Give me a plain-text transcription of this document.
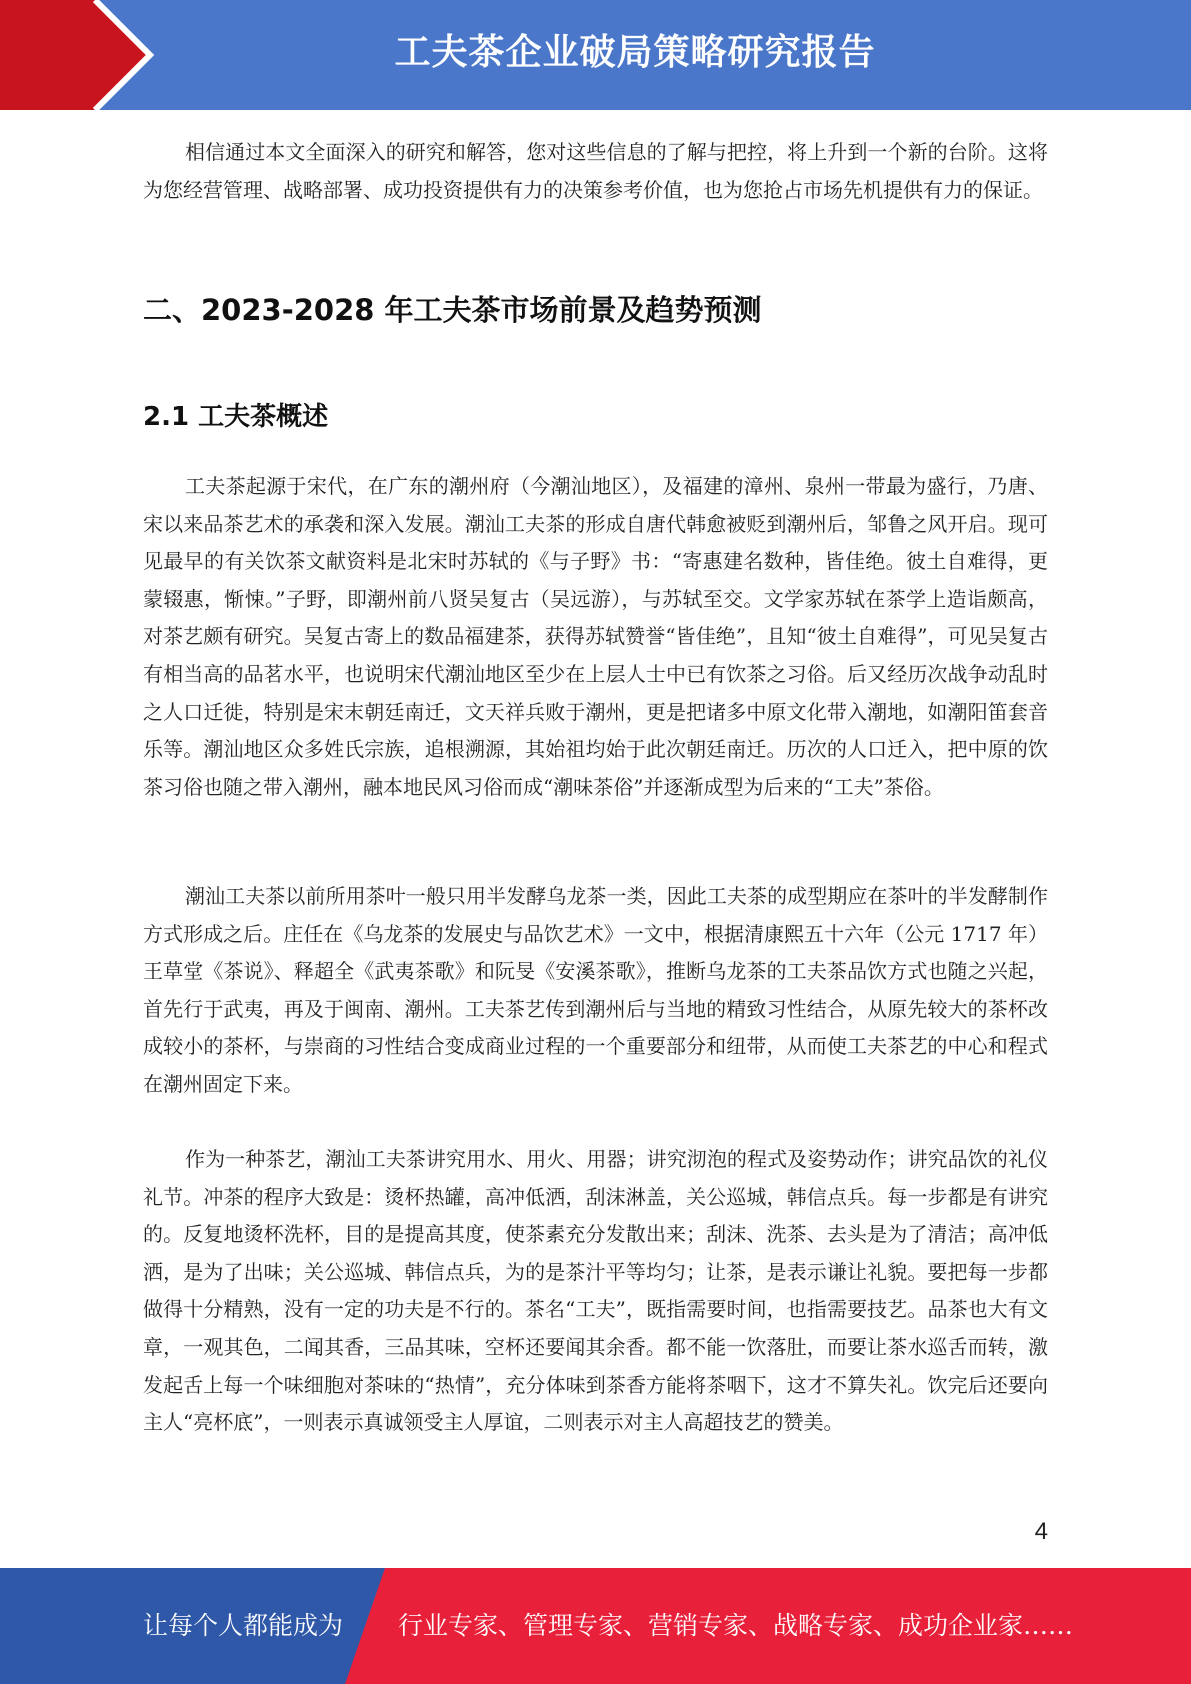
工夫茶企业破局策略研究报告

相信通过本文全面深入的研究和解答，您对这些信息的了解与把控，将上升到一个新的台阶。这将为您经营管理、战略部署、成功投资提供有力的决策参考价值，也为您抢占市场先机提供有力的保证。

二、2023-2028 年工夫茶市场前景及趋势预测
2.1 工夫茶概述

工夫茶起源于宋代，在广东的潮州府（今潮汕地区），及福建的漳州、泉州一带最为盛行，乃唐、宋以来品茶艺术的承袭和深入发展。潮汕工夫茶的形成自唐代韩愈被贬到潮州后，邹鲁之风开启。现可见最早的有关饮茶文献资料是北宋时苏轼的《与子野》书：“寄惠建名数种，皆佳绝。彼土自难得，更蒙辍惠，惭悚。”子野，即潮州前八贤吴复古（吴远游），与苏轼至交。文学家苏轼在茶学上造诣颇高，对茶艺颇有研究。吴复古寄上的数品福建茶，获得苏轼赞誉“皆佳绝”，且知“彼土自难得”，可见吴复古有相当高的品茗水平，也说明宋代潮汕地区至少在上层人士中已有饮茶之习俗。后又经历次战争动乱时之人口迁徙，特别是宋末朝廷南迁，文天祥兵败于潮州，更是把诸多中原文化带入潮地，如潮阳笛套音乐等。潮汕地区众多姓氏宗族，追根溯源，其始祖均始于此次朝廷南迁。历次的人口迁入，把中原的饮茶习俗也随之带入潮州，融本地民风习俗而成“潮味茶俗”并逐渐成型为后来的“工夫”茶俗。

潮汕工夫茶以前所用茶叶一般只用半发酵乌龙茶一类，因此工夫茶的成型期应在茶叶的半发酵制作方式形成之后。庄任在《乌龙茶的发展史与品饮艺术》一文中，根据清康熙五十六年（公元 1717 年）王草堂《茶说》、释超全《武夷茶歌》和阮旻《安溪茶歌》，推断乌龙茶的工夫茶品饮方式也随之兴起，首先行于武夷，再及于闽南、潮州。工夫茶艺传到潮州后与当地的精致习性结合，从原先较大的茶杯改成较小的茶杯，与崇商的习性结合变成商业过程的一个重要部分和纽带，从而使工夫茶艺的中心和程式在潮州固定下来。

作为一种茶艺，潮汕工夫茶讲究用水、用火、用器；讲究沏泡的程式及姿势动作；讲究品饮的礼仪礼节。冲茶的程序大致是：烫杯热罐，高冲低洒，刮沫淋盖，关公巡城，韩信点兵。每一步都是有讲究的。反复地烫杯洗杯，目的是提高其度，使茶素充分发散出来；刮沫、洗茶、去头是为了清洁；高冲低洒，是为了出味；关公巡城、韩信点兵，为的是茶汁平等均匀；让茶，是表示谦让礼貌。要把每一步都做得十分精熟，没有一定的功夫是不行的。茶名“工夫”，既指需要时间，也指需要技艺。品茶也大有文章，一观其色，二闻其香，三品其味，空杯还要闻其余香。都不能一饮落肚，而要让茶水巡舌而转，激发起舌上每一个味细胞对茶味的“热情”，充分体味到茶香方能将茶咽下，这才不算失礼。饮完后还要向主人“亮杯底”，一则表示真诚领受主人厚谊，二则表示对主人高超技艺的赞美。

4
让每个人都能成为 行业专家、管理专家、营销专家、战略专家、成功企业家……
